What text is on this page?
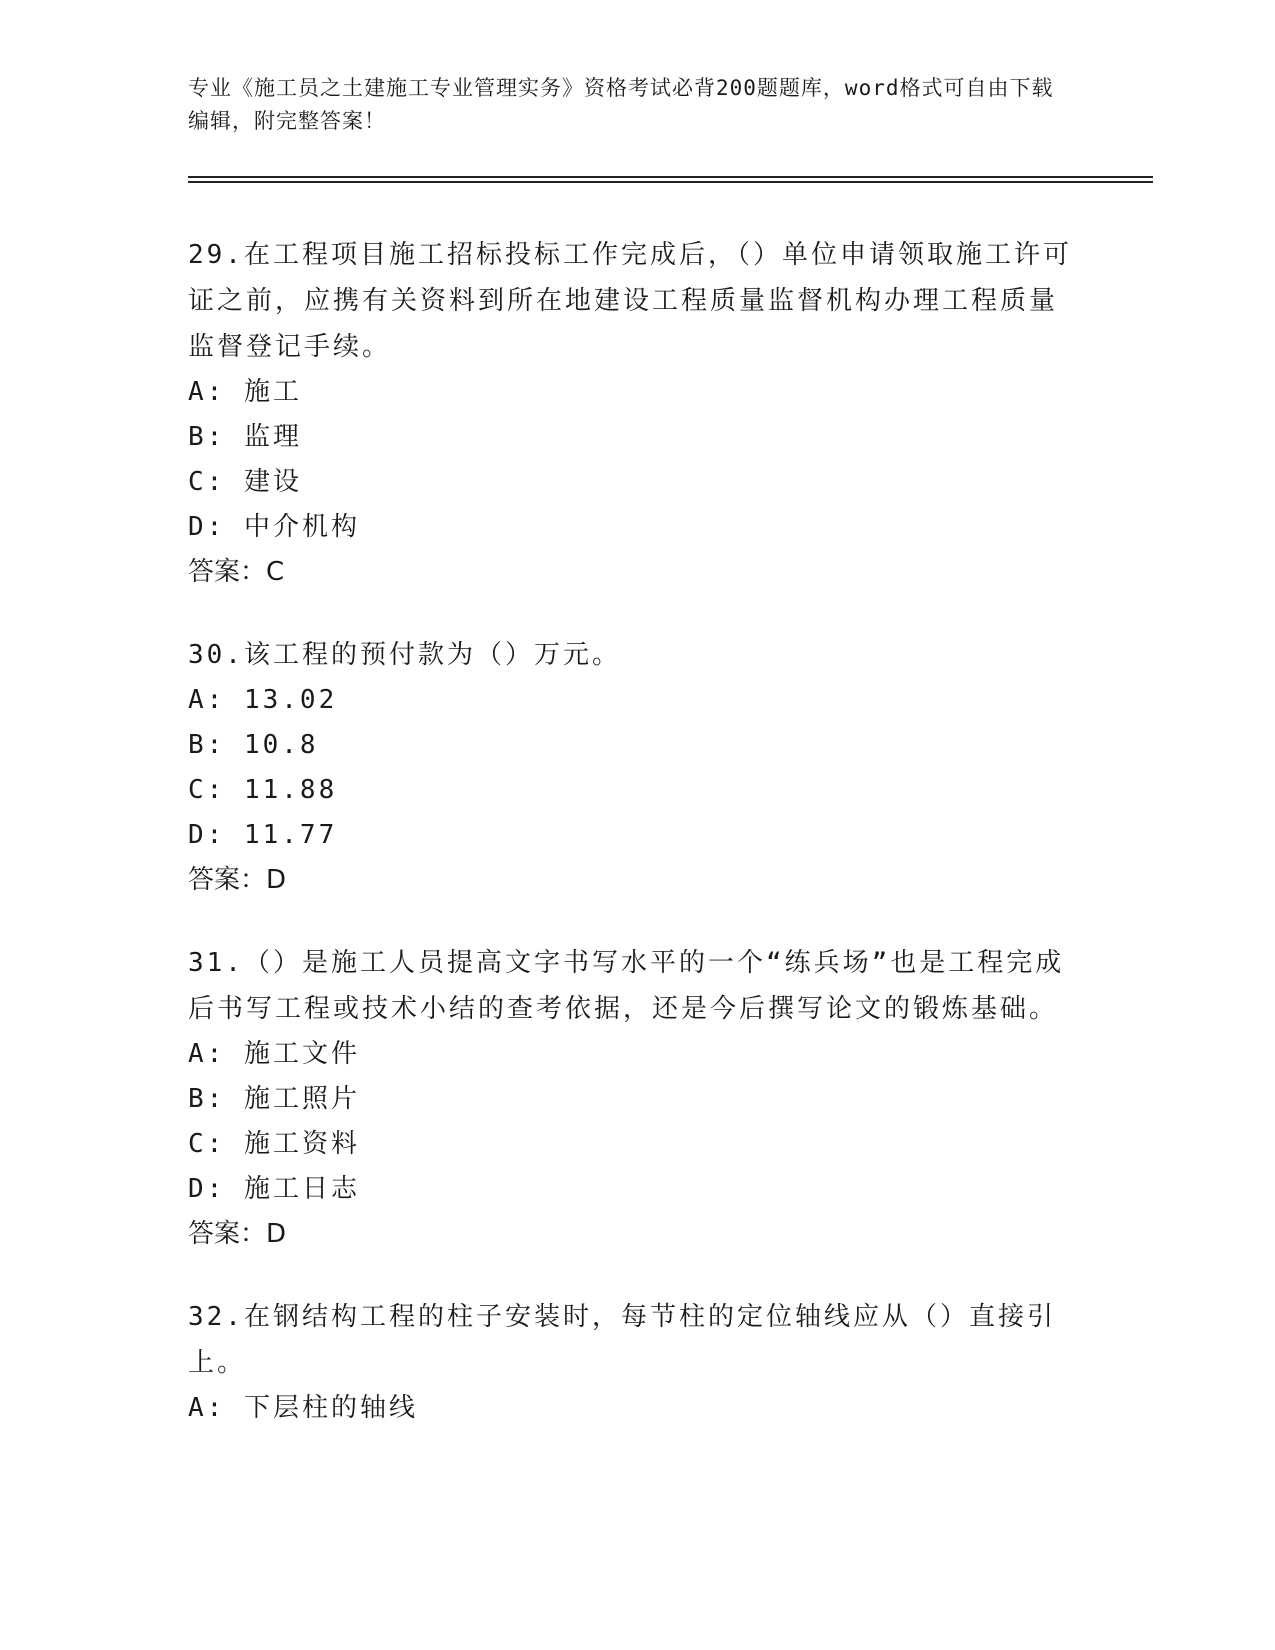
专业《施工员之土建施工专业管理实务》资格考试必背200题题库，word格式可自由下载编辑，附完整答案！

29.在工程项目施工招标投标工作完成后，（）单位申请领取施工许可证之前，应携有关资料到所在地建设工程质量监督机构办理工程质量监督登记手续。

A: 施工

B: 监理

C: 建设

D: 中介机构

答案：C

30.该工程的预付款为（）万元。

A: 13.02

B: 10.8

C: 11.88

D: 11.77

答案：D

31.（）是施工人员提高文字书写水平的一个“练兵场”也是工程完成后书写工程或技术小结的查考依据，还是今后撰写论文的锻炼基础。

A: 施工文件

B: 施工照片

C: 施工资料

D: 施工日志

答案：D

32.在钢结构工程的柱子安装时，每节柱的定位轴线应从（）直接引上。

A: 下层柱的轴线
